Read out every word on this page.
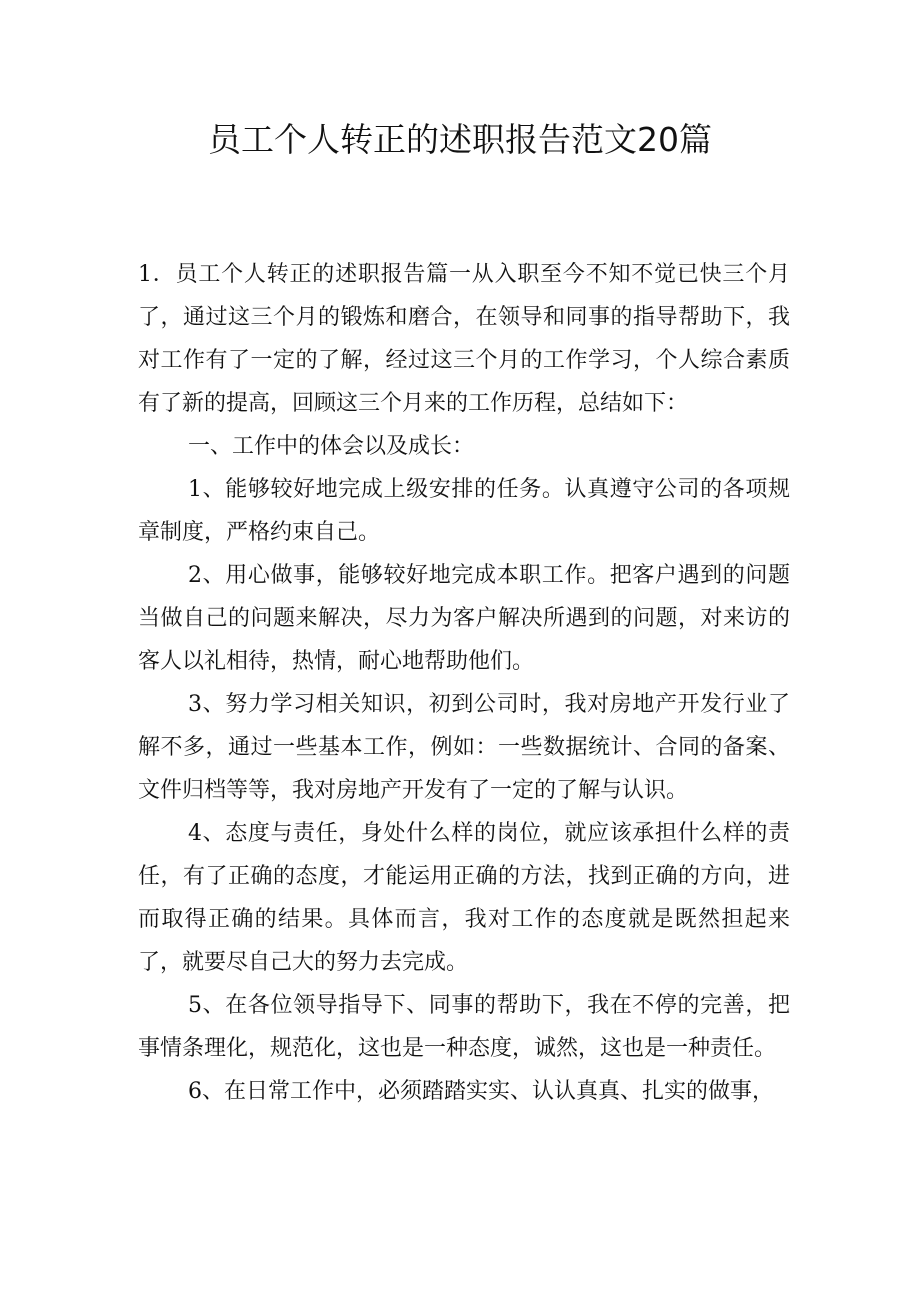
员工个人转正的述职报告范文20篇

1．员工个人转正的述职报告篇一从入职至今不知不觉已快三个月了，通过这三个月的锻炼和磨合，在领导和同事的指导帮助下，我对工作有了一定的了解，经过这三个月的工作学习，个人综合素质有了新的提高，回顾这三个月来的工作历程，总结如下：

一、工作中的体会以及成长：

1、能够较好地完成上级安排的任务。认真遵守公司的各项规章制度，严格约束自己。

2、用心做事，能够较好地完成本职工作。把客户遇到的问题当做自己的问题来解决，尽力为客户解决所遇到的问题，对来访的客人以礼相待，热情，耐心地帮助他们。

3、努力学习相关知识，初到公司时，我对房地产开发行业了解不多，通过一些基本工作，例如：一些数据统计、合同的备案、文件归档等等，我对房地产开发有了一定的了解与认识。

4、态度与责任，身处什么样的岗位，就应该承担什么样的责任，有了正确的态度，才能运用正确的方法，找到正确的方向，进而取得正确的结果。具体而言，我对工作的态度就是既然担起来了，就要尽自己大的努力去完成。

5、在各位领导指导下、同事的帮助下，我在不停的完善，把事情条理化，规范化，这也是一种态度，诚然，这也是一种责任。

6、在日常工作中，必须踏踏实实、认认真真、扎实的做事，
